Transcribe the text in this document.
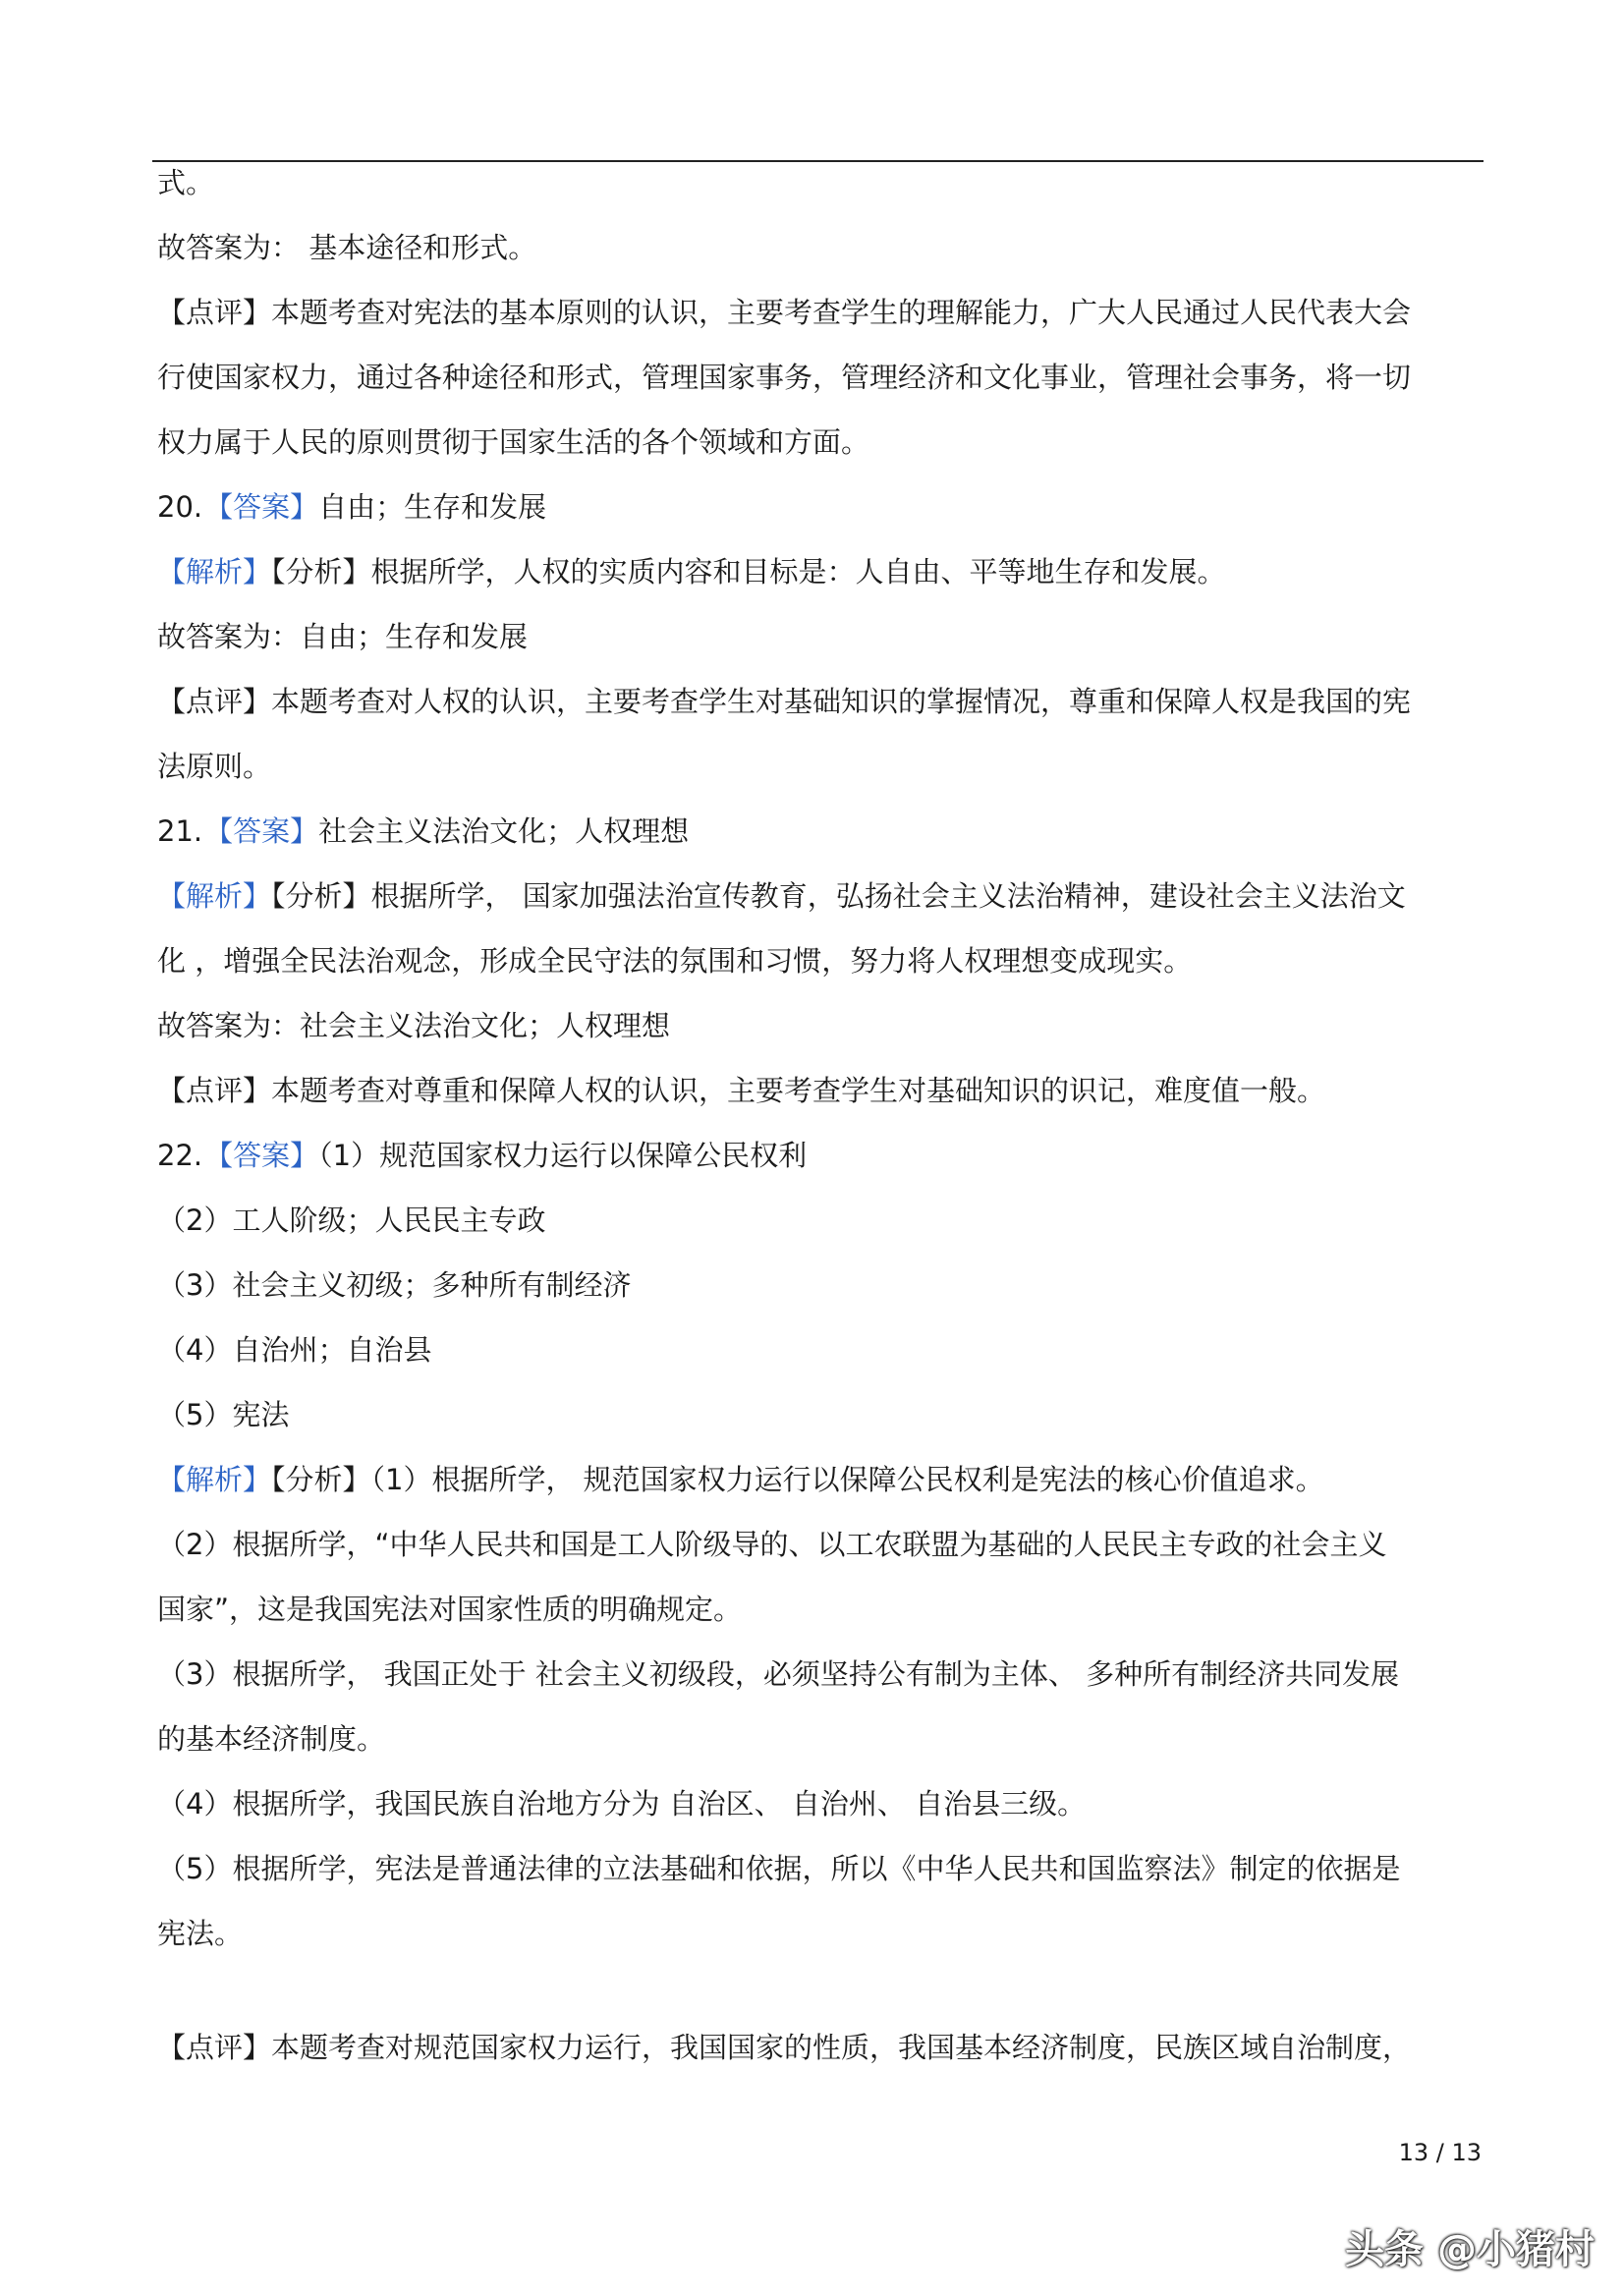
式。
故答案为： 基本途径和形式。
【点评】本题考查对宪法的基本原则的认识，主要考查学生的理解能力，广大人民通过人民代表大会
行使国家权力，通过各种途径和形式，管理国家事务，管理经济和文化事业，管理社会事务，将一切
权力属于人民的原则贯彻于国家生活的各个领域和方面。
20.【答案】自由；生存和发展
【解析】【分析】根据所学，人权的实质内容和目标是：人自由、平等地生存和发展。
故答案为：自由；生存和发展
【点评】本题考查对人权的认识，主要考查学生对基础知识的掌握情况，尊重和保障人权是我国的宪
法原则。
21.【答案】社会主义法治文化；人权理想
【解析】【分析】根据所学， 国家加强法治宣传教育，弘扬社会主义法治精神，建设社会主义法治文
化 ，增强全民法治观念，形成全民守法的氛围和习惯，努力将人权理想变成现实。
故答案为：社会主义法治文化；人权理想
【点评】本题考查对尊重和保障人权的认识，主要考查学生对基础知识的识记，难度值一般。
22.【答案】（1）规范国家权力运行以保障公民权利
（2）工人阶级；人民民主专政
（3）社会主义初级；多种所有制经济
（4）自治州；自治县
（5）宪法
【解析】【分析】（1）根据所学， 规范国家权力运行以保障公民权利是宪法的核心价值追求。
（2）根据所学，“中华人民共和国是工人阶级导的、以工农联盟为基础的人民民主专政的社会主义
国家”，这是我国宪法对国家性质的明确规定。
（3）根据所学， 我国正处于 社会主义初级段，必须坚持公有制为主体、 多种所有制经济共同发展
的基本经济制度。
（4）根据所学，我国民族自治地方分为 自治区、 自治州、 自治县三级。
（5）根据所学，宪法是普通法律的立法基础和依据，所以《中华人民共和国监察法》制定的依据是
宪法。
【点评】本题考查对规范国家权力运行，我国国家的性质，我国基本经济制度，民族区域自治制度，
13 / 13
头条 @小猪村
